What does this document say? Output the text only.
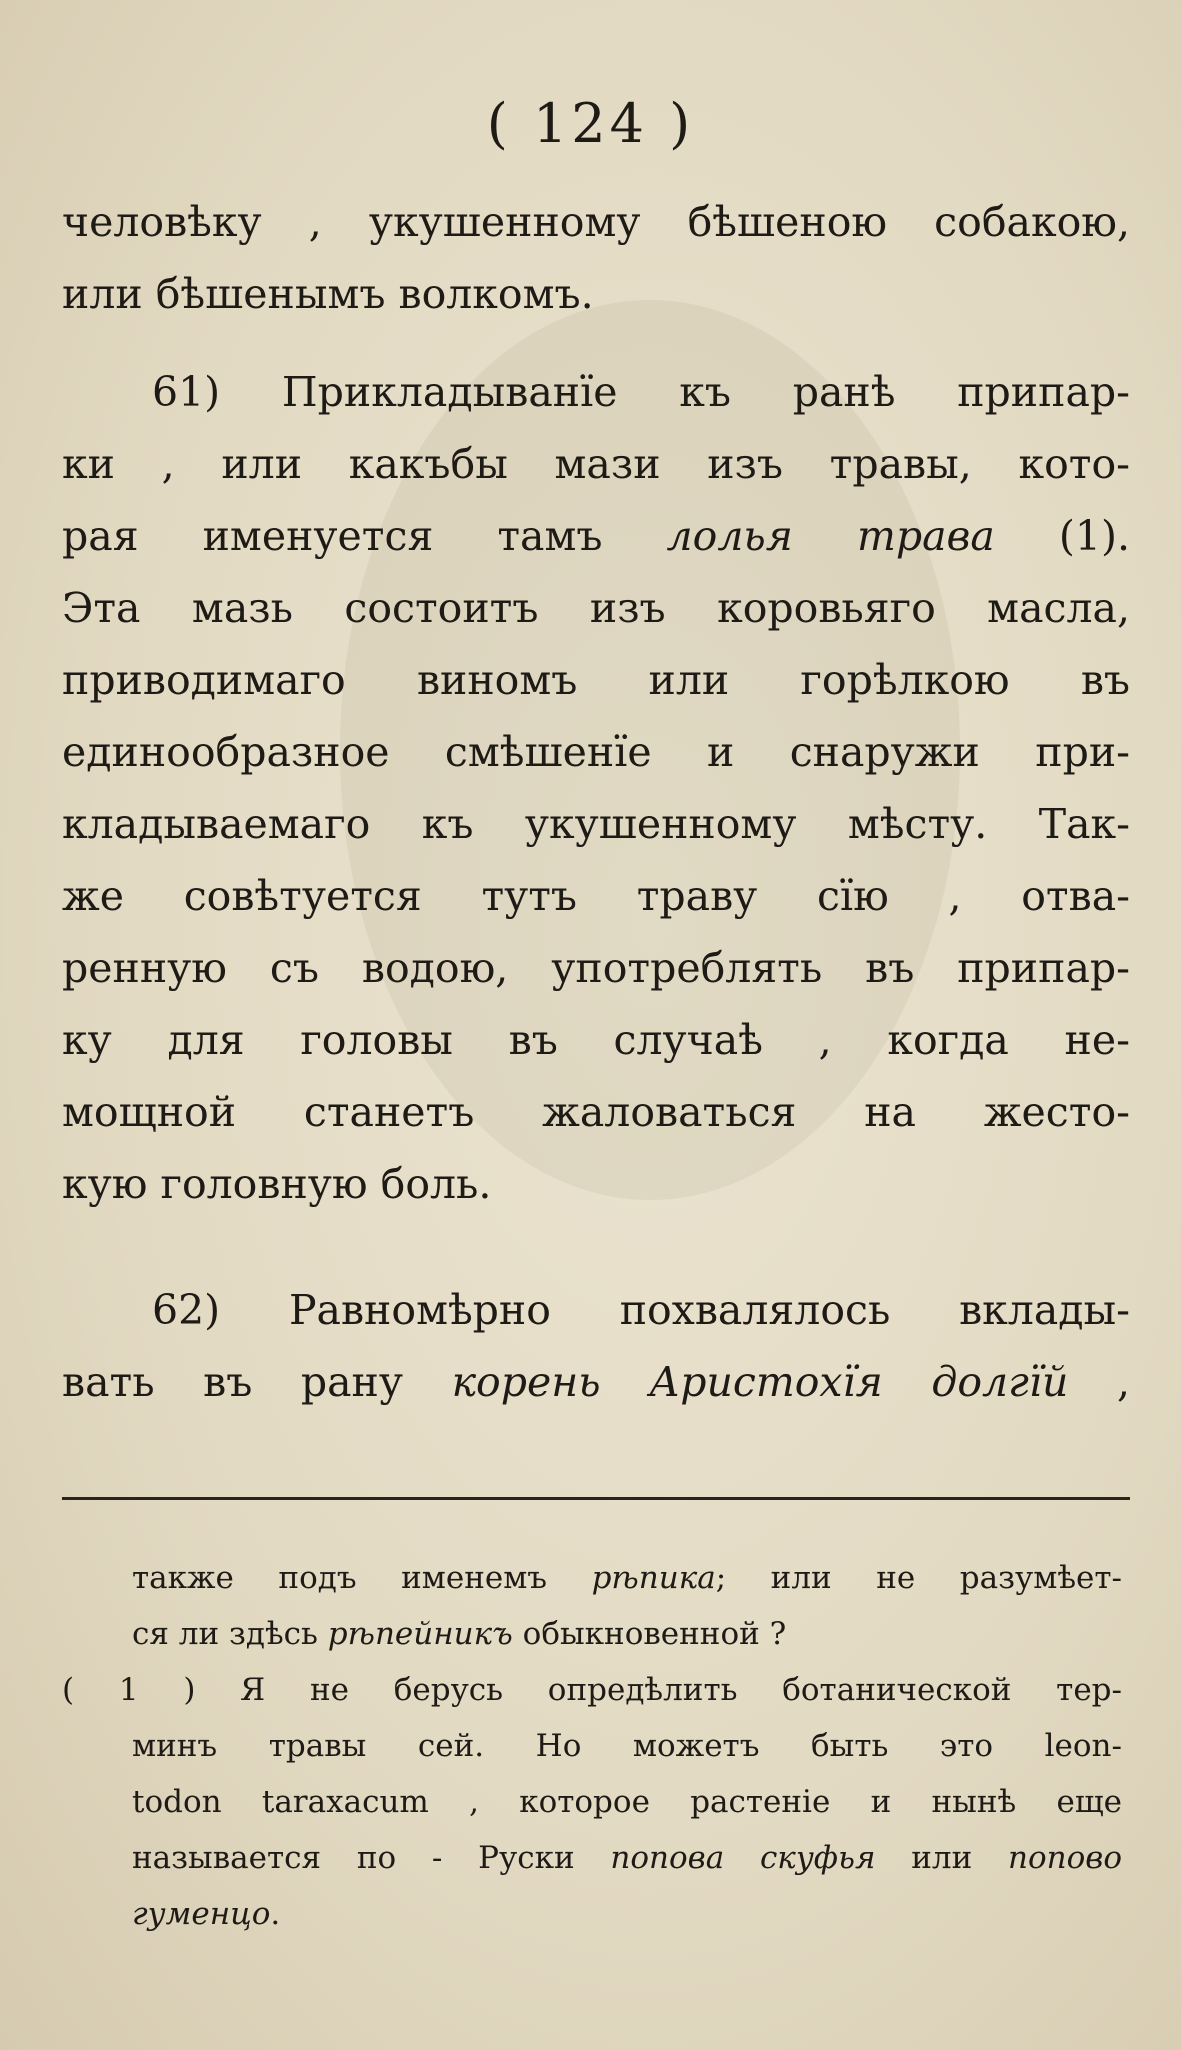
( 124 )
человѣку , укушенному бѣшеною собакою,
или бѣшенымъ волкомъ.
61) Прикладыванïе къ ранѣ припар-
ки , или какъбы мази изъ травы, кото-
рая именуется тамъ лолья трава (1).
Эта мазь состоитъ изъ коровьяго масла,
приводимаго виномъ или горѣлкою въ
единообразное смѣшенïе и снаружи при-
кладываемаго къ укушенному мѣсту. Так-
же совѣтуется тутъ траву сïю , отва-
ренную съ водою, употреблять въ припар-
ку для головы въ случаѣ , когда не-
мощной станетъ жаловаться на жесто-
кую головную боль.
62) Равномѣрно похвалялось вклады-
вать въ рану корень Аристохïя долгïй ,
также подъ именемъ рѣпика; или не разумѣет-
ся ли здѣсь рѣпейникъ обыкновенной ?
( 1 ) Я не берусь опредѣлить ботанической тер-
минъ травы сей. Но можетъ быть это leon-
todon taraxacum , которое растенiе и нынѣ еще
называется по - Руски попова скуфья или попово
гуменцо.
